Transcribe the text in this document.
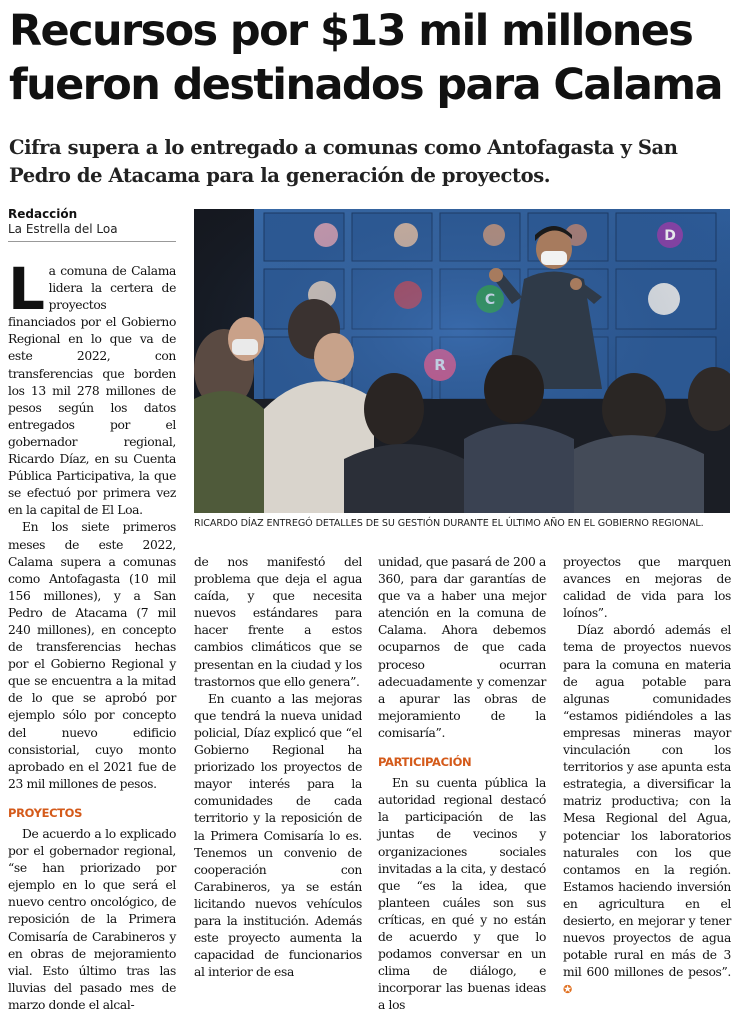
Recursos por $13 mil millones fueron destinados para Calama
Cifra supera a lo entregado a comunas como Antofagasta y San Pedro de Atacama para la generación de proyectos.
Redacción
La Estrella del Loa

RICARDO DÍAZ ENTREGÓ DETALLES DE SU GESTIÓN DURANTE EL ÚLTIMO AÑO EN EL GOBIERNO REGIONAL.

La comuna de Calama lidera la certera de proyectos financiados por el Gobierno Regional en lo que va de este 2022, con transferencias que borden los 13 mil 278 millones de pesos según los datos entregados por el gobernador regional, Ricardo Díaz, en su Cuenta Pública Participativa, la que se efectuó por primera vez en la capital de El Loa.

En los siete primeros meses de este 2022, Calama supera a comunas como Antofagasta (10 mil 156 millones), y a San Pedro de Atacama (7 mil 240 millones), en concepto de transferencias hechas por el Gobierno Regional y que se encuentra a la mitad de lo que se aprobó por ejemplo sólo por concepto del nuevo edificio consistorial, cuyo monto aprobado en el 2021 fue de 23 mil millones de pesos.

PROYECTOS

De acuerdo a lo explicado por el gobernador regional, “se han priorizado por ejemplo en lo que será el nuevo centro oncológico, de reposición de la Primera Comisaría de Carabineros y en obras de mejoramiento vial. Esto último tras las lluvias del pasado mes de marzo donde el alcal-

de nos manifestó del problema que deja el agua caída, y que necesita nuevos estándares para hacer frente a estos cambios climáticos que se presentan en la ciudad y los trastornos que ello genera”.

En cuanto a las mejoras que tendrá la nueva unidad policial, Díaz explicó que “el Gobierno Regional ha priorizado los proyectos de mayor interés para la comunidades de cada territorio y la reposición de la Primera Comisaría lo es. Tenemos un convenio de cooperación con Carabineros, ya se están licitando nuevos vehículos para la institución. Además este proyecto aumenta la capacidad de funcionarios al interior de esa

unidad, que pasará de 200 a 360, para dar garantías de que va a haber una mejor atención en la comuna de Calama. Ahora debemos ocuparnos de que cada proceso ocurran adecuadamente y comenzar a apurar las obras de mejoramiento de la comisaría”.

PARTICIPACIÓN

En su cuenta pública la autoridad regional destacó la participación de las juntas de vecinos y organizaciones sociales invitadas a la cita, y destacó que “es la idea, que planteen cuáles son sus críticas, en qué y no están de acuerdo y que lo podamos conversar en un clima de diálogo, e incorporar las buenas ideas a los

proyectos que marquen avances en mejoras de calidad de vida para los loínos”.

Díaz abordó además el tema de proyectos nuevos para la comuna en materia de agua potable para algunas comunidades “estamos pidiéndoles a las empresas mineras mayor vinculación con los territorios y ase apunta esta estrategia, a diversificar la matriz productiva; con la Mesa Regional del Agua, potenciar los laboratorios naturales con los que contamos en la región. Estamos haciendo inversión en agricultura en el desierto, en mejorar y tener nuevos proyectos de agua potable rural en más de 3 mil 600 millones de pesos”. ✪
